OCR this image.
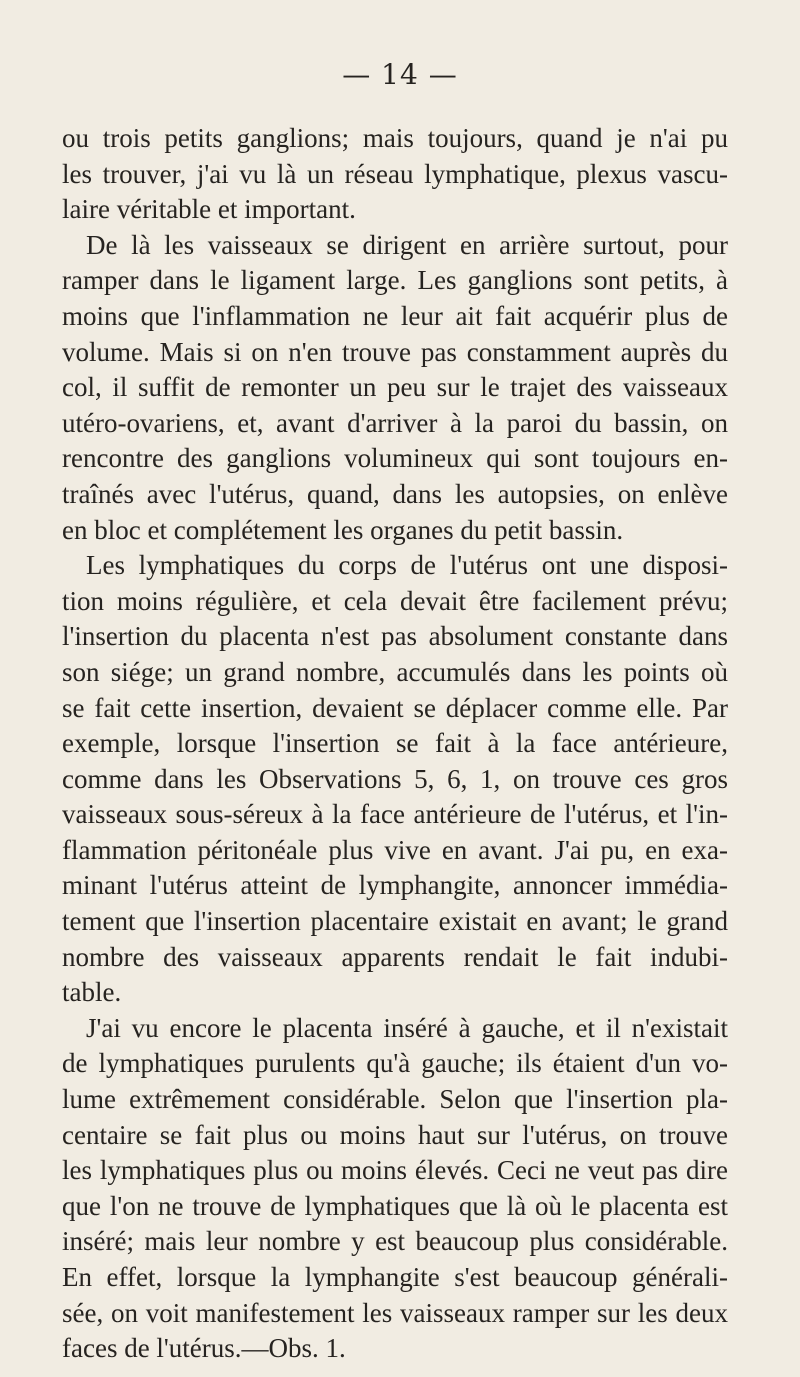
— 14 —
ou trois petits ganglions; mais toujours, quand je n'ai pu
les trouver, j'ai vu là un réseau lymphatique, plexus vascu-
laire véritable et important.
De là les vaisseaux se dirigent en arrière surtout, pour
ramper dans le ligament large. Les ganglions sont petits, à
moins que l'inflammation ne leur ait fait acquérir plus de
volume. Mais si on n'en trouve pas constamment auprès du
col, il suffit de remonter un peu sur le trajet des vaisseaux
utéro-ovariens, et, avant d'arriver à la paroi du bassin, on
rencontre des ganglions volumineux qui sont toujours en-
traînés avec l'utérus, quand, dans les autopsies, on enlève
en bloc et complétement les organes du petit bassin.
Les lymphatiques du corps de l'utérus ont une disposi-
tion moins régulière, et cela devait être facilement prévu;
l'insertion du placenta n'est pas absolument constante dans
son siége; un grand nombre, accumulés dans les points où
se fait cette insertion, devaient se déplacer comme elle. Par
exemple, lorsque l'insertion se fait à la face antérieure,
comme dans les Observations 5, 6, 1, on trouve ces gros
vaisseaux sous-séreux à la face antérieure de l'utérus, et l'in-
flammation péritonéale plus vive en avant. J'ai pu, en exa-
minant l'utérus atteint de lymphangite, annoncer immédia-
tement que l'insertion placentaire existait en avant; le grand
nombre des vaisseaux apparents rendait le fait indubi-
table.
J'ai vu encore le placenta inséré à gauche, et il n'existait
de lymphatiques purulents qu'à gauche; ils étaient d'un vo-
lume extrêmement considérable. Selon que l'insertion pla-
centaire se fait plus ou moins haut sur l'utérus, on trouve
les lymphatiques plus ou moins élevés. Ceci ne veut pas dire
que l'on ne trouve de lymphatiques que là où le placenta est
inséré; mais leur nombre y est beaucoup plus considérable.
En effet, lorsque la lymphangite s'est beaucoup générali-
sée, on voit manifestement les vaisseaux ramper sur les deux
faces de l'utérus.—Obs. 1.
